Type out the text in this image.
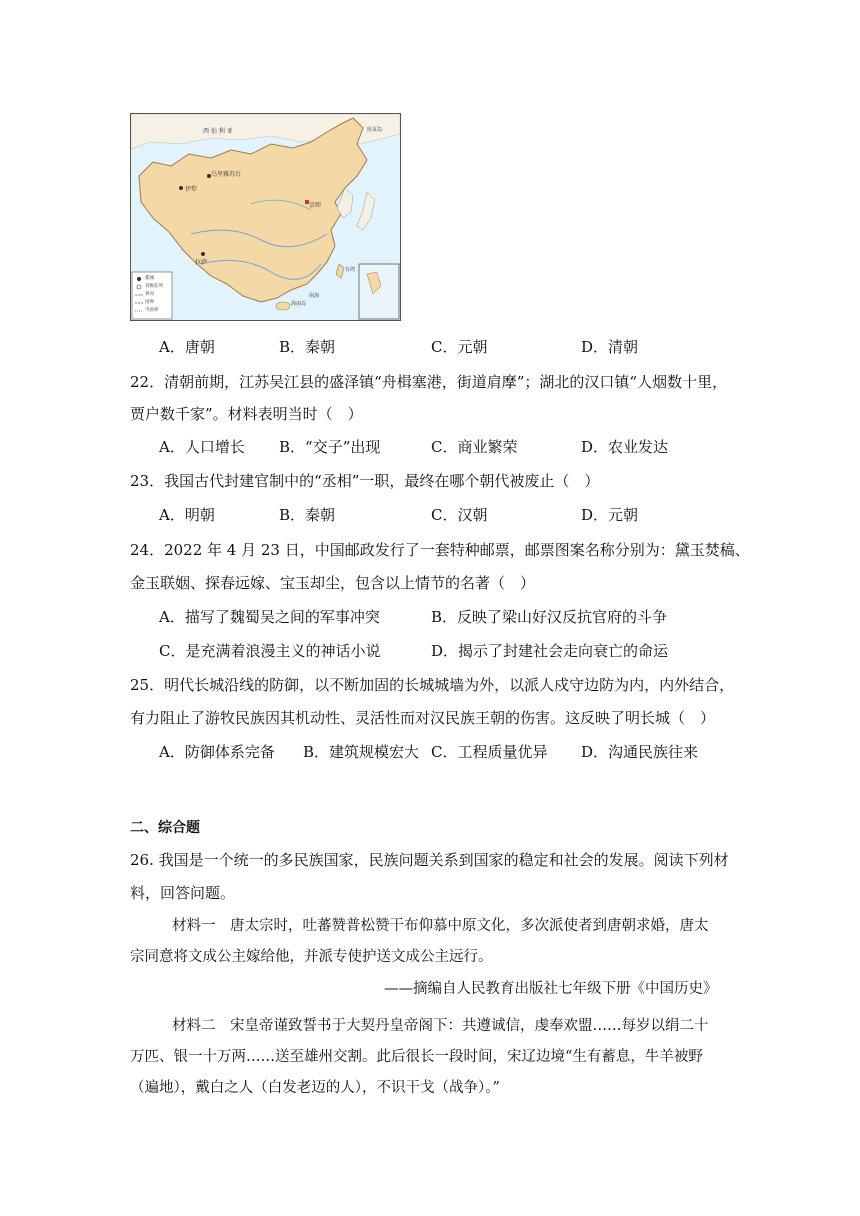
西 伯 利 亚
乌里雅苏台
伊犁
京师
拉萨
台湾
海南岛
南海
库页岛
都城
省级驻所
界河
国界
今国界
A．唐朝	B．秦朝	C．元朝	D．清朝
22．清朝前期，江苏吴江县的盛泽镇“舟楫塞港，街道肩摩”；湖北的汉口镇“人烟数十里，
贾户数千家”。材料表明当时（　）
A．人口增长 B．“交子”出现	C．商业繁荣	D．农业发达
23．我国古代封建官制中的“丞相”一职，最终在哪个朝代被废止（　）
A．明朝	B．秦朝	C．汉朝	D．元朝
24．2022 年 4 月 23 日，中国邮政发行了一套特种邮票，邮票图案名称分别为：黛玉焚稿、
金玉联姻、探春远嫁、宝玉却尘，包含以上情节的名著（　）
A．描写了魏蜀吴之间的军事冲突	B．反映了梁山好汉反抗官府的斗争
C．是充满着浪漫主义的神话小说	D．揭示了封建社会走向衰亡的命运
25．明代长城沿线的防御，以不断加固的长城城墙为外，以派人戍守边防为内，内外结合，
有力阻止了游牧民族因其机动性、灵活性而对汉民族王朝的伤害。这反映了明长城（　）
A．防御体系完备 B．建筑规模宏大 C．工程质量优异 D．沟通民族往来
二、综合题
26. 我国是一个统一的多民族国家，民族问题关系到国家的稳定和社会的发展。阅读下列材
料，回答问题。
材料一　唐太宗时，吐蕃赞普松赞干布仰慕中原文化，多次派使者到唐朝求婚，唐太
宗同意将文成公主嫁给他，并派专使护送文成公主远行。
——摘编自人民教育出版社七年级下册《中国历史》
材料二　宋皇帝谨致誓书于大契丹皇帝阁下：共遵诚信，虔奉欢盟……每岁以绢二十
万匹、银一十万两……送至雄州交割。此后很长一段时间，宋辽边境“生有蓄息，牛羊被野
（遍地），戴白之人（白发老迈的人），不识干戈（战争）。”
